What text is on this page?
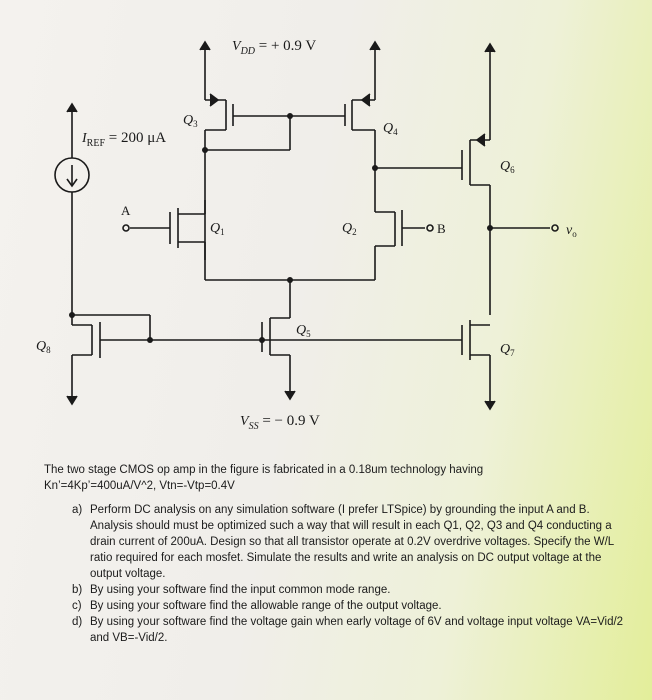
$V_{DD}$ = + 0.9 V
$V_{SS}$ = − 0.9 V
$I_{REF} = 200$ μA
A
B	$v_o$
Q3	Q4
Q6
Q1	Q2
Q5
Q7
Q8

The two stage CMOS op amp in the figure is fabricated in a 0.18um technology having

Kn’=4Kp’=400uA/V^2, Vtn=-Vtp=0.4V

a) Perform DC analysis on any simulation software (I prefer LTSpice) by grounding the input A and B. Analysis should must be optimized such a way that will result in each Q1, Q2, Q3 and Q4 conducting a drain current of 200uA. Design so that all transistor operate at 0.2V overdrive voltages. Specify the W/L ratio required for each mosfet. Simulate the results and write an analysis on DC output voltage at the output voltage.
b) By using your software find the input common mode range.
c) By using your software find the allowable range of the output voltage.
d) By using your software find the voltage gain when early voltage of 6V and voltage input voltage VA=Vid/2 and VB=-Vid/2.
